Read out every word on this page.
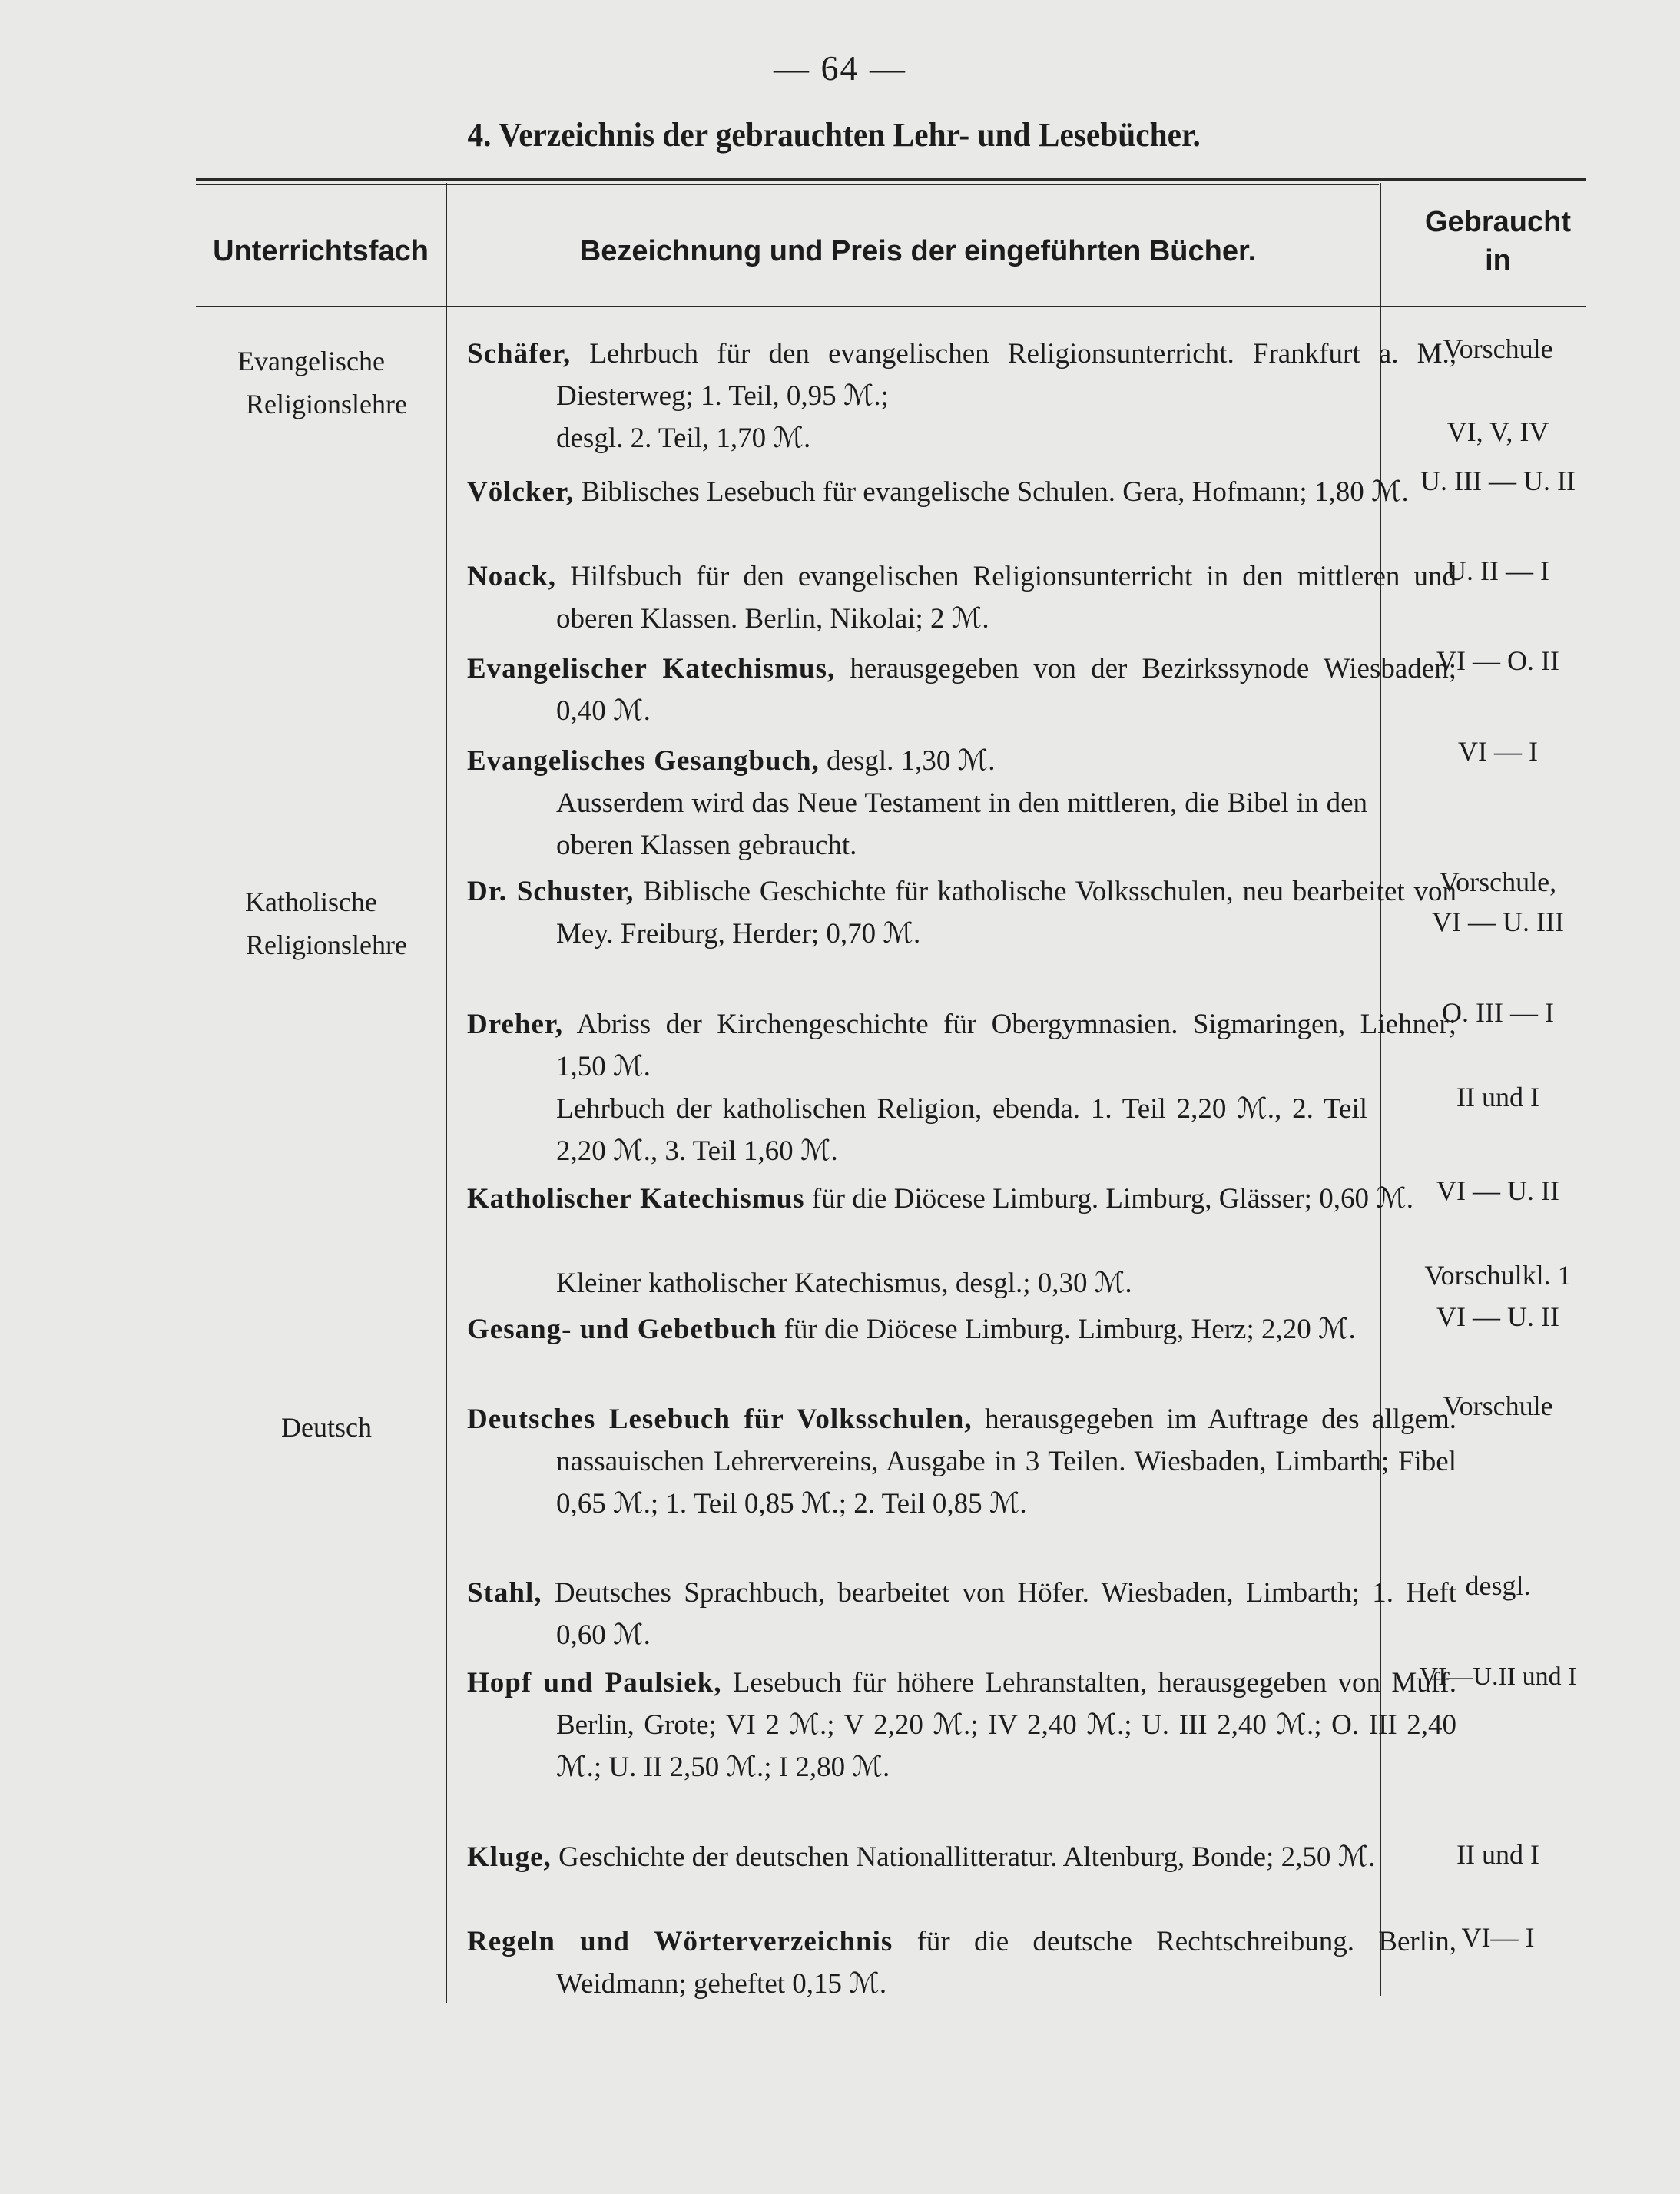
— 64 —
4. Verzeichnis der gebrauchten Lehr- und Lesebücher.
Unterrichtsfach	Bezeichnung und Preis der eingeführten Bücher.
Gebraucht
in
Evangelische
Religionslehre
Katholische
Religionslehre
Deutsch
Schäfer, Lehrbuch für den evangelischen Religionsunterricht. Frankfurt a. M., Diesterweg; 1. Teil, 0,95 ℳ.;
desgl. 2. Teil, 1,70 ℳ.
Völcker, Biblisches Lesebuch für evangelische Schulen. Gera, Hofmann; 1,80 ℳ.
Noack, Hilfsbuch für den evangelischen Religionsunterricht in den mittleren und oberen Klassen. Berlin, Nikolai; 2 ℳ.
Evangelischer Katechismus, herausgegeben von der Bezirkssynode Wiesbaden; 0,40 ℳ.
Evangelisches Gesangbuch, desgl. 1,30 ℳ.
Ausserdem wird das Neue Testament in den mittleren, die Bibel in den oberen Klassen gebraucht.
Dr. Schuster, Biblische Geschichte für katholische Volksschulen, neu bearbeitet von Mey. Freiburg, Herder; 0,70 ℳ.
Dreher, Abriss der Kirchengeschichte für Obergymnasien. Sigmaringen, Liehner; 1,50 ℳ.
Lehrbuch der katholischen Religion, ebenda. 1. Teil 2,20 ℳ., 2. Teil 2,20 ℳ., 3. Teil 1,60 ℳ.
Katholischer Katechismus für die Diöcese Limburg. Limburg, Glässer; 0,60 ℳ.
Kleiner katholischer Katechismus, desgl.; 0,30 ℳ.
Gesang- und Gebetbuch für die Diöcese Limburg. Limburg, Herz; 2,20 ℳ.
Deutsches Lesebuch für Volksschulen, herausgegeben im Auftrage des allgem. nassauischen Lehrervereins, Ausgabe in 3 Teilen. Wiesbaden, Limbarth; Fibel 0,65 ℳ.; 1. Teil 0,85 ℳ.; 2. Teil 0,85 ℳ.
Stahl, Deutsches Sprachbuch, bearbeitet von Höfer. Wiesbaden, Limbarth; 1. Heft 0,60 ℳ.
Hopf und Paulsiek, Lesebuch für höhere Lehranstalten, herausgegeben von Muff. Berlin, Grote; VI 2 ℳ.; V 2,20 ℳ.; IV 2,40 ℳ.; U. III 2,40 ℳ.; O. III 2,40 ℳ.; U. II 2,50 ℳ.; I 2,80 ℳ.
Kluge, Geschichte der deutschen Nationallitteratur. Altenburg, Bonde; 2,50 ℳ.
Regeln und Wörterverzeichnis für die deutsche Rechtschreibung. Berlin, Weidmann; geheftet 0,15 ℳ.
Vorschule
VI, V, IV
U. III — U. II
U. II — I
VI — O. II
VI — I
Vorschule,
VI — U. III
O. III — I
II und I
VI — U. II
Vorschulkl. 1
VI — U. II
Vorschule
desgl.
VI—U.II und I
II und I
VI— I
